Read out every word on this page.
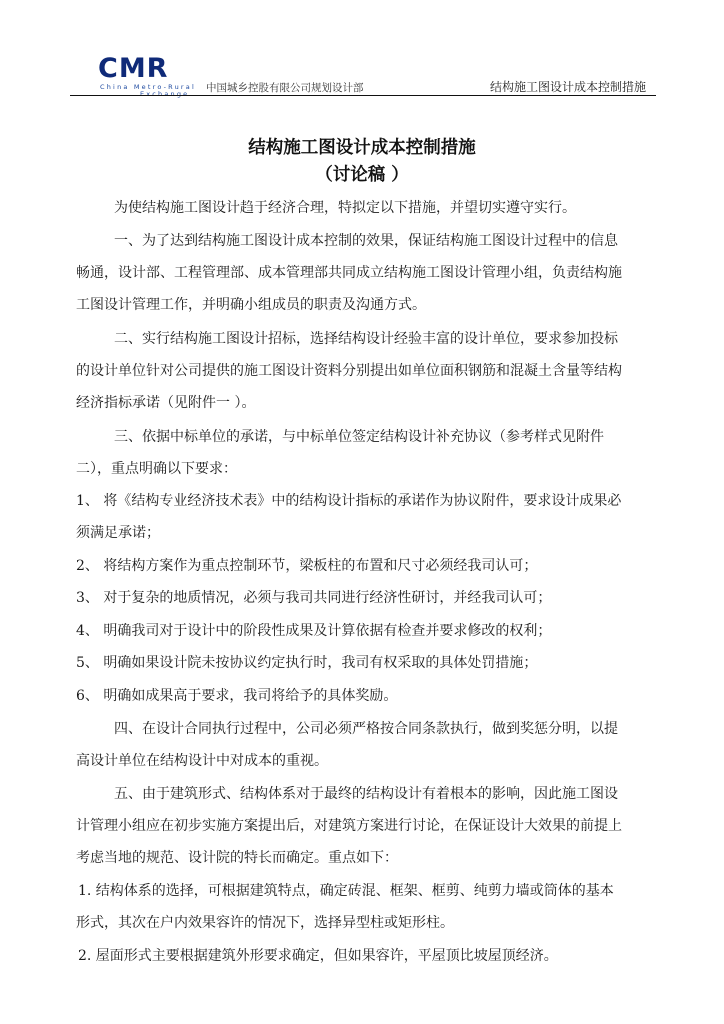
CMR
China Metro-Rural
Exchange 中国城乡控股有限公司规划设计部	结构施工图设计成本控制措施
结构施工图设计成本控制措施
（讨论稿 ）
为使结构施工图设计趋于经济合理，特拟定以下措施，并望切实遵守实行。
一、为了达到结构施工图设计成本控制的效果，保证结构施工图设计过程中的信息
畅通，设计部、工程管理部、成本管理部共同成立结构施工图设计管理小组，负责结构施
工图设计管理工作，并明确小组成员的职责及沟通方式。
二、实行结构施工图设计招标，选择结构设计经验丰富的设计单位，要求参加投标
的设计单位针对公司提供的施工图设计资料分别提出如单位面积钢筋和混凝土含量等结构
经济指标承诺（见附件一 ）。
三、依据中标单位的承诺，与中标单位签定结构设计补充协议（参考样式见附件
二），重点明确以下要求：
1、 将《结构专业经济技术表》中的结构设计指标的承诺作为协议附件，要求设计成果必
须满足承诺；
2、 将结构方案作为重点控制环节，梁板柱的布置和尺寸必须经我司认可；
3、 对于复杂的地质情况，必须与我司共同进行经济性研讨，并经我司认可；
4、 明确我司对于设计中的阶段性成果及计算依据有检查并要求修改的权利；
5、 明确如果设计院未按协议约定执行时，我司有权采取的具体处罚措施；
6、 明确如成果高于要求，我司将给予的具体奖励。
四、在设计合同执行过程中，公司必须严格按合同条款执行，做到奖惩分明，以提
高设计单位在结构设计中对成本的重视。
五、由于建筑形式、结构体系对于最终的结构设计有着根本的影响，因此施工图设
计管理小组应在初步实施方案提出后，对建筑方案进行讨论，在保证设计大效果的前提上
考虑当地的规范、设计院的特长而确定。重点如下：
1. 结构体系的选择，可根据建筑特点，确定砖混、框架、框剪、纯剪力墙或筒体的基本
形式，其次在户内效果容许的情况下，选择异型柱或矩形柱。
2. 屋面形式主要根据建筑外形要求确定，但如果容许，平屋顶比坡屋顶经济。
